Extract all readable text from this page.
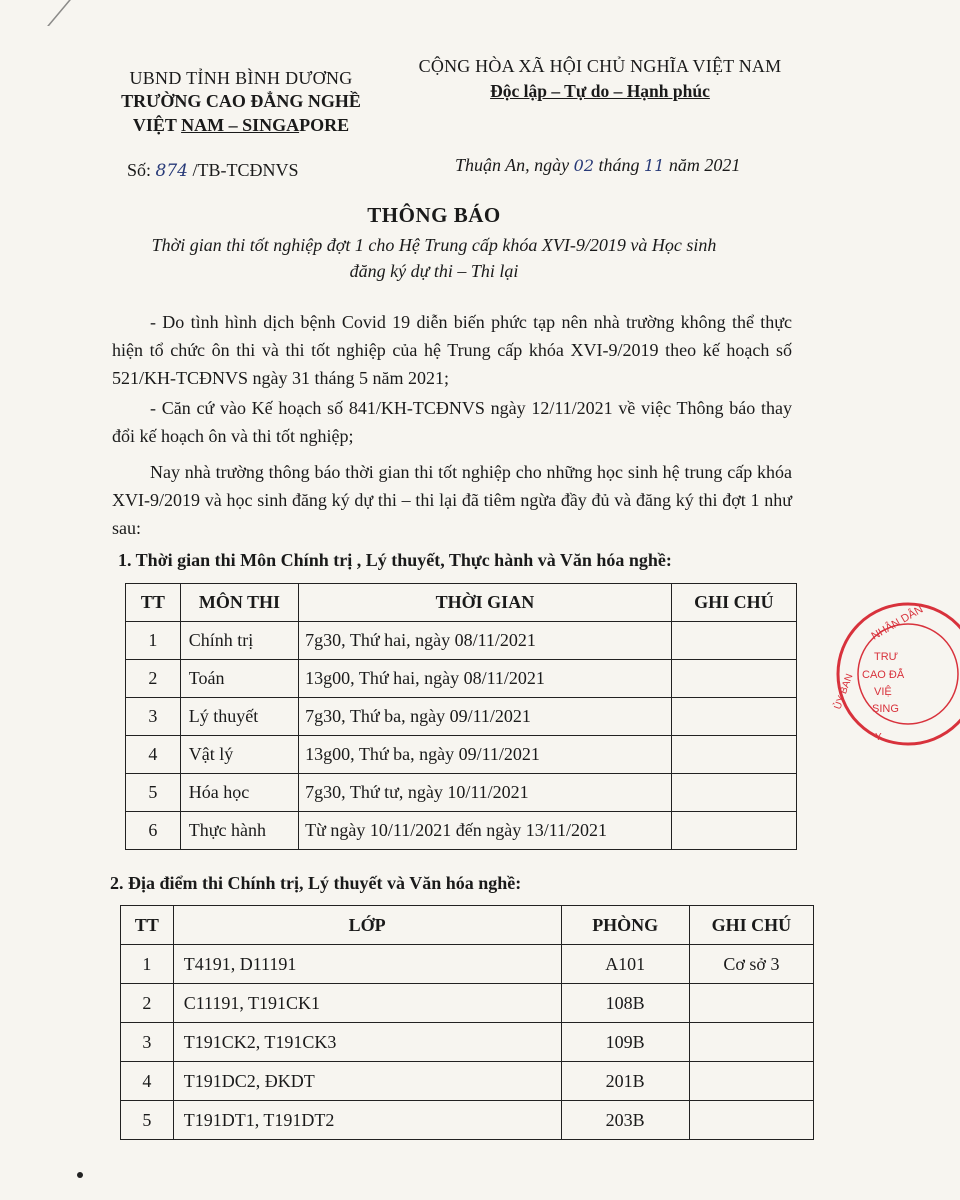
UBND TỈNH BÌNH DƯƠNG
TRƯỜNG CAO ĐẲNG NGHỀ
VIỆT NAM – SINGAPORE
CỘNG HÒA XÃ HỘI CHỦ NGHĨA VIỆT NAM
Độc lập – Tự do – Hạnh phúc
Số: 874 /TB-TCĐNVS	Thuận An, ngày 02 tháng 11 năm 2021
THÔNG BÁO
Thời gian thi tốt nghiệp đợt 1 cho Hệ Trung cấp khóa XVI-9/2019 và Học sinh
đăng ký dự thi – Thi lại
- Do tình hình dịch bệnh Covid 19 diễn biến phức tạp nên nhà trường không thể thực hiện tổ chức ôn thi và thi tốt nghiệp của hệ Trung cấp khóa XVI-9/2019 theo kế hoạch số 521/KH-TCĐNVS ngày 31 tháng 5 năm 2021;
- Căn cứ vào Kế hoạch số 841/KH-TCĐNVS ngày 12/11/2021 về việc Thông báo thay đổi kế hoạch ôn và thi tốt nghiệp;
Nay nhà trường thông báo thời gian thi tốt nghiệp cho những học sinh hệ trung cấp khóa XVI-9/2019 và học sinh đăng ký dự thi – thi lại đã tiêm ngừa đầy đủ và đăng ký thi đợt 1 như sau:
1. Thời gian thi Môn Chính trị , Lý thuyết, Thực hành và Văn hóa nghề:
TT	MÔN THI	THỜI GIAN	GHI CHÚ
1	Chính trị	7g30, Thứ hai, ngày 08/11/2021	
2	Toán	13g00, Thứ hai, ngày 08/11/2021	
3	Lý thuyết	7g30, Thứ ba, ngày 09/11/2021	
4	Vật lý	13g00, Thứ ba, ngày 09/11/2021	
5	Hóa học	7g30, Thứ tư, ngày 10/11/2021	
6	Thực hành	Từ ngày 10/11/2021 đến ngày 13/11/2021	
2. Địa điểm thi Chính trị, Lý thuyết và Văn hóa nghề:
TT	LỚP	PHÒNG	GHI CHÚ
1	T4191, D11191	A101	Cơ sở 3
2	C11191, T191CK1	108B	
3	T191CK2, T191CK3	109B	
4	T191DC2, ĐKDT	201B	
5	T191DT1, T191DT2	203B	
NHÂN DÂN
ỦY BAN
Y
TRƯ
CAO ĐẲ
VIỆ
SING
